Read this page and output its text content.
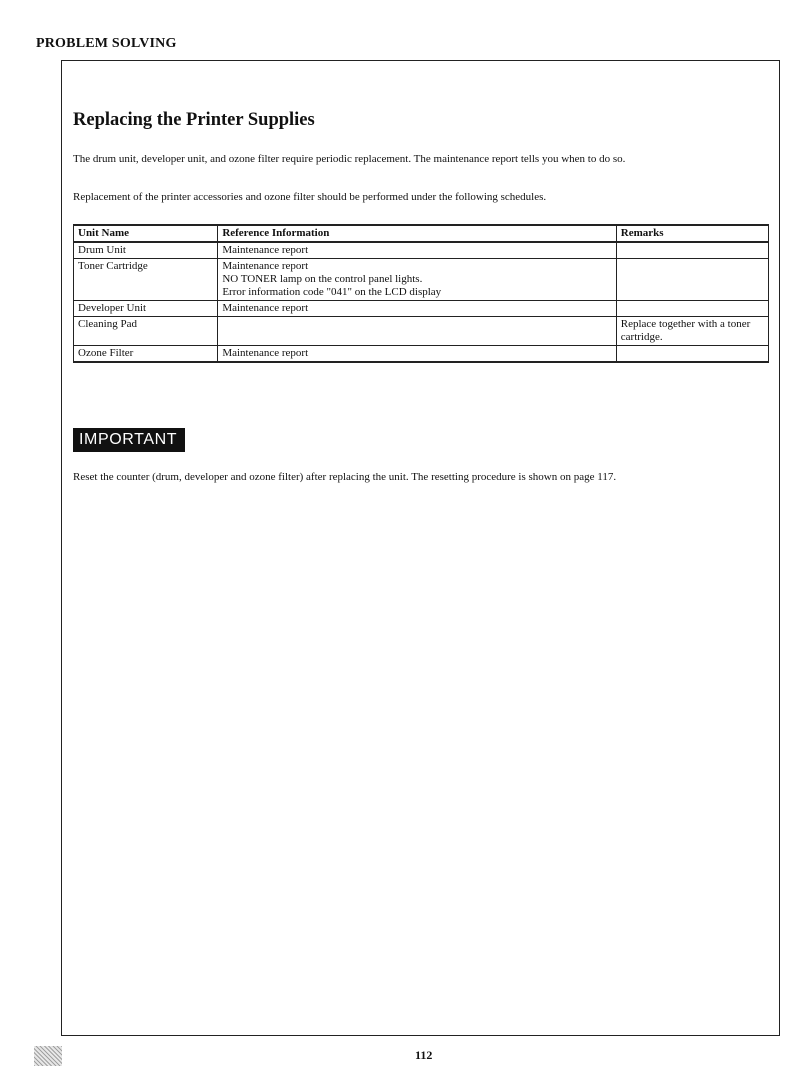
PROBLEM SOLVING
Replacing the Printer Supplies
The drum unit, developer unit, and ozone filter require periodic replacement. The maintenance report tells you when to do so.
Replacement of the printer accessories and ozone filter should be performed under the following schedules.
Unit Name	Reference Information	Remarks
Drum Unit	Maintenance report	

Toner Cartridge	Maintenance report
NO TONER lamp on the control panel lights.
Error information code "041" on the LCD display	

Developer Unit	Maintenance report	

Cleaning Pad		Replace together with a toner cartridge.
Ozone Filter	Maintenance report	

IMPORTANT
Reset the counter (drum, developer and ozone filter) after replacing the unit. The resetting procedure is shown on page 117.
112
